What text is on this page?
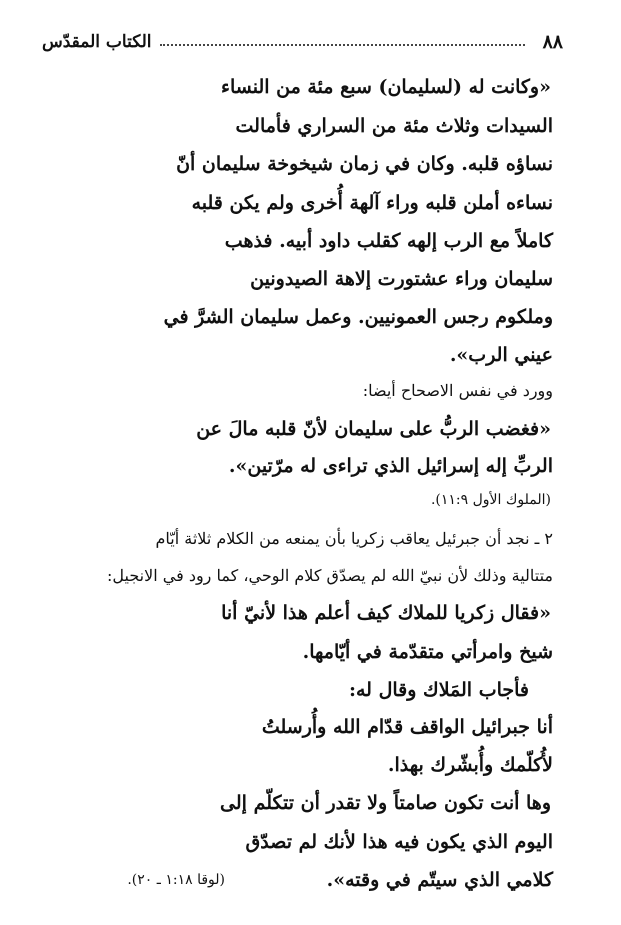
٨٨
الكتاب المقدّس
«وكانت له (لسليمان) سبع مئة من النساء
السيدات وثلاث مئة من السراري فأمالت
نساؤه قلبه. وكان في زمان شيخوخة سليمان أنّ
نساءه أملن قلبه وراء آلهة أُخرى ولم يكن قلبه
كاملاً مع الرب إلهه كقلب داود أبيه. فذهب
سليمان وراء عشتورت إلاهة الصيدونين
وملكوم رجس العمونيين. وعمل سليمان الشرَّ في
عيني الرب».
وورد في نفس الاصحاح أيضا:
«فغضب الربُّ على سليمان لأنّ قلبه مالَ عن
الربِّ إله إسرائيل الذي تراءى له مرّتين».
(الملوك الأول ١١:٩).
٢ ـ نجد أن جبرئيل يعاقب زكريا بأن يمنعه من الكلام ثلاثة أيّام
متتالية وذلك لأن نبيّ الله لم يصدّق كلام الوحي، كما رود في الانجيل:
«فقال زكريا للملاك كيف أعلم هذا لأنيّ أنا
شيخ وامرأتي متقدّمة في أيّامها.
فأجاب المَلاك وقال له:
أنا جبرائيل الواقف قدّام الله وأُرسلتُ
لأُكلّمك وأُبشّرك بهذا.
وها أنت تكون صامتاً ولا تقدر أن تتكلّم إلى
اليوم الذي يكون فيه هذا لأنك لم تصدّق
كلامي الذي سيتّم في وقته».
(لوقا ١:١٨ ـ ٢٠).
